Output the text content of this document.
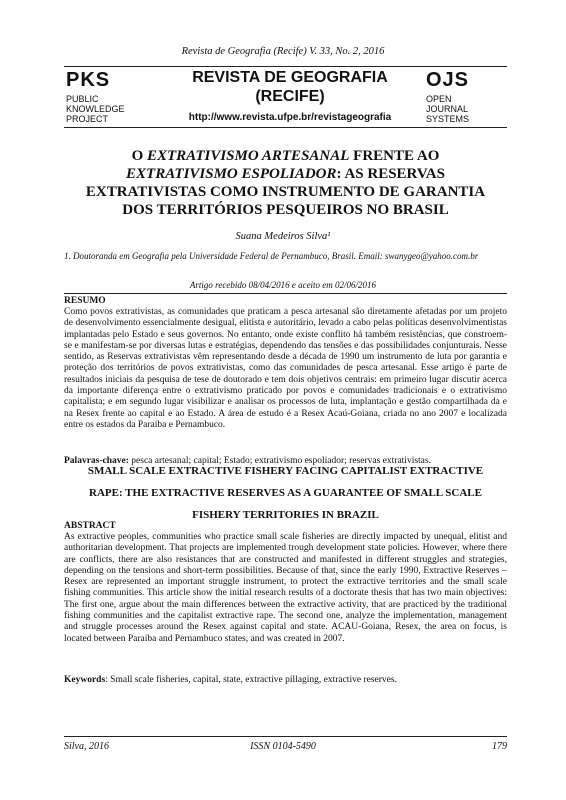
Revista de Geografia (Recife) V. 33, No. 2, 2016
PKS
PUBLIC
KNOWLEDGE
PROJECT
REVISTA DE GEOGRAFIA
(RECIFE)
http://www.revista.ufpe.br/revistageografia
OJS
OPEN
JOURNAL
SYSTEMS
O EXTRATIVISMO ARTESANAL FRENTE AO
EXTRATIVISMO ESPOLIADOR: AS RESERVAS
EXTRATIVISTAS COMO INSTRUMENTO DE GARANTIA
DOS TERRITÓRIOS PESQUEIROS NO BRASIL
Suana Medeiros Silva¹
1. Doutoranda em Geografia pela Universidade Federal de Pernambuco, Brasil. Email: swanygeo@yahoo.com.br
Artigo recebido 08/04/2016 e aceito em 02/06/2016
RESUMO
Como povos extrativistas, as comunidades que praticam a pesca artesanal são diretamente afetadas por um projeto de desenvolvimento essencialmente desigual, elitista e autoritário, levado a cabo pelas políticas desenvolvimentistas implantadas pelo Estado e seus governos. No entanto, onde existe conflito há também resistências, que constroem-se e manifestam-se por diversas lutas e estratégias, dependendo das tensões e das possibilidades conjunturais. Nesse sentido, as Reservas extrativistas vêm representando desde a década de 1990 um instrumento de luta por garantia e proteção dos territórios de povos extrativistas, como das comunidades de pesca artesanal. Esse artigo é parte de resultados iniciais da pesquisa de tese de doutorado e tem dois objetivos centrais: em primeiro lugar discutir acerca da importante diferença entre o extrativismo praticado por povos e comunidades tradicionais e o extrativismo capitalista; e em segundo lugar visibilizar e analisar os processos de luta, implantação e gestão compartilhada da e na Resex frente ao capital e ao Estado. A área de estudo é a Resex Acaú-Goiana, criada no ano 2007 e localizada entre os estados da Paraíba e Pernambuco.
Palavras-chave: pesca artesanal; capital; Estado; extrativismo espoliador; reservas extrativistas.
SMALL SCALE EXTRACTIVE FISHERY FACING CAPITALIST EXTRACTIVE
RAPE: THE EXTRACTIVE RESERVES AS A GUARANTEE OF SMALL SCALE
FISHERY TERRITORIES IN BRAZIL
ABSTRACT
As extractive peoples, communities who practice small scale fisheries are directly impacted by unequal, elitist and authoritarian development. That projects are implemented trough development state policies. However, where there are conflicts, there are also resistances that are constructed and manifested in different struggles and strategies, depending on the tensions and short-term possibilities. Because of that, since the early 1990, Extractive Reserves – Resex are represented an important struggle instrument, to protect the extractive territories and the small scale fishing communities. This article show the initial research results of a doctorate thesis that has two main objectives: The first one, argue about the main differences between the extractive activity, that are practiced by the traditional fishing communities and the capitalist extractive rape. The second one, analyze the implementation, management and struggle processes around the Resex against capital and state. ACAU-Goiana, Resex, the area on focus, is located between Paraíba and Pernambuco states, and was created in 2007.
Keywords: Small scale fisheries, capital, state, extractive pillaging, extractive reserves.
Silva, 2016	ISSN 0104-5490	179
